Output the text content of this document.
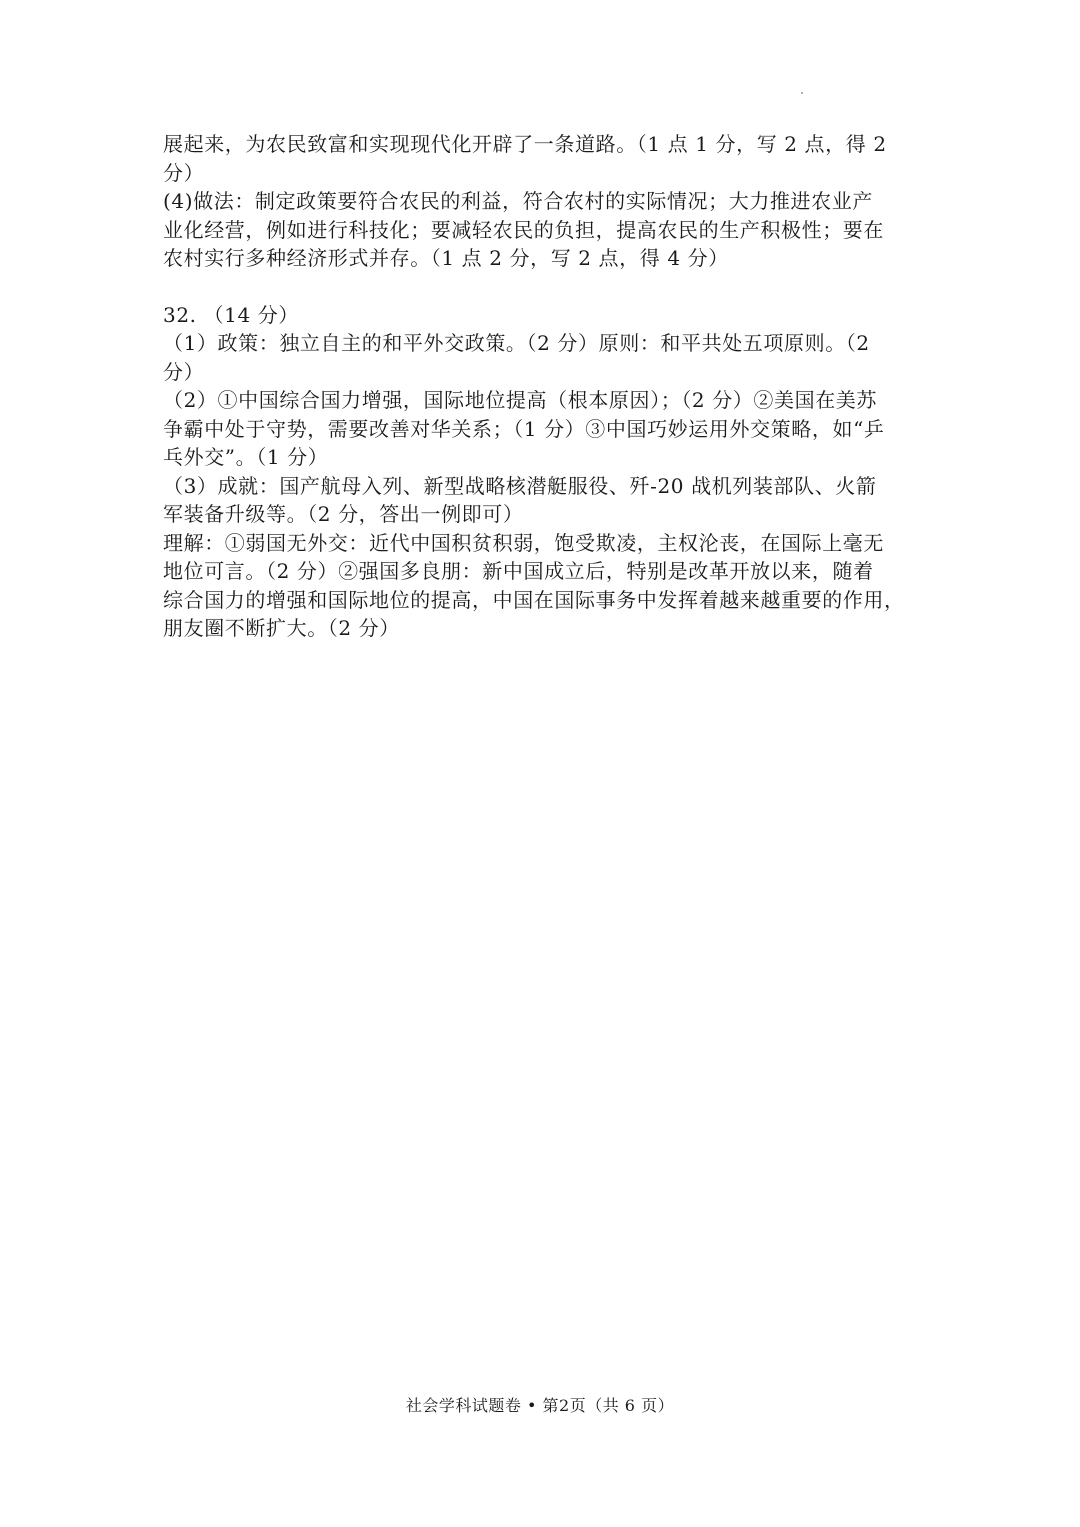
展起来，为农民致富和实现现代化开辟了一条道路。（1 点 1 分，写 2 点，得 2
分）
(4)做法：制定政策要符合农民的利益，符合农村的实际情况；大力推进农业产
业化经营，例如进行科技化；要减轻农民的负担，提高农民的生产积极性；要在
农村实行多种经济形式并存。（1 点 2 分，写 2 点，得 4 分）
32. （14 分）
（1）政策：独立自主的和平外交政策。（2 分）原则：和平共处五项原则。（2
分）
（2）①中国综合国力增强，国际地位提高（根本原因）；（2 分）②美国在美苏
争霸中处于守势，需要改善对华关系；（1 分）③中国巧妙运用外交策略，如“乒
乓外交”。（1 分）
（3）成就：国产航母入列、新型战略核潜艇服役、歼-20 战机列装部队、火箭
军装备升级等。（2 分，答出一例即可）
理解：①弱国无外交：近代中国积贫积弱，饱受欺凌，主权沦丧，在国际上毫无
地位可言。（2 分）②强国多良朋：新中国成立后，特别是改革开放以来，随着
综合国力的增强和国际地位的提高，中国在国际事务中发挥着越来越重要的作用，
朋友圈不断扩大。（2 分）
社会学科试题卷 • 第2页（共 6 页）
